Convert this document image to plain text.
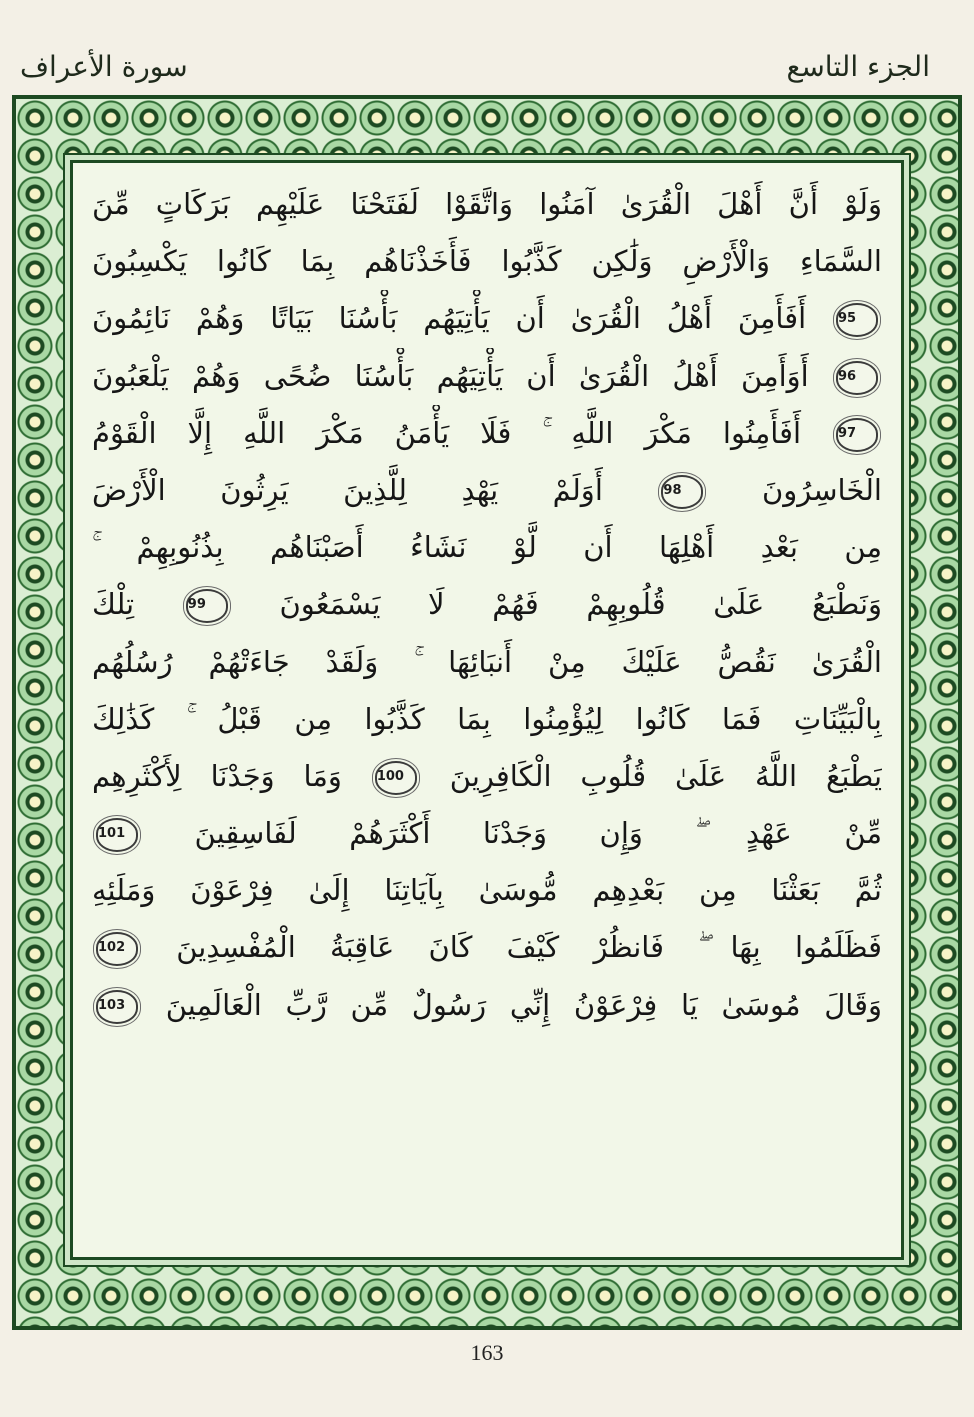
الجزء التاسع
سورة الأعراف
وَلَوْ أَنَّ أَهْلَ الْقُرَىٰ آمَنُوا وَاتَّقَوْا لَفَتَحْنَا عَلَيْهِم بَرَكَاتٍ مِّنَ
السَّمَاءِ وَالْأَرْضِ وَلَٰكِن كَذَّبُوا فَأَخَذْنَاهُم بِمَا كَانُوا يَكْسِبُونَ
95 أَفَأَمِنَ أَهْلُ الْقُرَىٰ أَن يَأْتِيَهُم بَأْسُنَا بَيَاتًا وَهُمْ نَائِمُونَ
96 أَوَأَمِنَ أَهْلُ الْقُرَىٰ أَن يَأْتِيَهُم بَأْسُنَا ضُحًى وَهُمْ يَلْعَبُونَ
97 أَفَأَمِنُوا مَكْرَ اللَّهِ ۚ فَلَا يَأْمَنُ مَكْرَ اللَّهِ إِلَّا الْقَوْمُ
الْخَاسِرُونَ 98 أَوَلَمْ يَهْدِ لِلَّذِينَ يَرِثُونَ الْأَرْضَ
مِن بَعْدِ أَهْلِهَا أَن لَّوْ نَشَاءُ أَصَبْنَاهُم بِذُنُوبِهِمْ ۚ
وَنَطْبَعُ عَلَىٰ قُلُوبِهِمْ فَهُمْ لَا يَسْمَعُونَ 99 تِلْكَ
الْقُرَىٰ نَقُصُّ عَلَيْكَ مِنْ أَنبَائِهَا ۚ وَلَقَدْ جَاءَتْهُمْ رُسُلُهُم
بِالْبَيِّنَاتِ فَمَا كَانُوا لِيُؤْمِنُوا بِمَا كَذَّبُوا مِن قَبْلُ ۚ كَذَٰلِكَ
يَطْبَعُ اللَّهُ عَلَىٰ قُلُوبِ الْكَافِرِينَ 100 وَمَا وَجَدْنَا لِأَكْثَرِهِم
مِّنْ عَهْدٍ ۖ وَإِن وَجَدْنَا أَكْثَرَهُمْ لَفَاسِقِينَ 101
ثُمَّ بَعَثْنَا مِن بَعْدِهِم مُّوسَىٰ بِآيَاتِنَا إِلَىٰ فِرْعَوْنَ وَمَلَئِهِ
فَظَلَمُوا بِهَا ۖ فَانظُرْ كَيْفَ كَانَ عَاقِبَةُ الْمُفْسِدِينَ 102
وَقَالَ مُوسَىٰ يَا فِرْعَوْنُ إِنِّي رَسُولٌ مِّن رَّبِّ الْعَالَمِينَ 103
163
